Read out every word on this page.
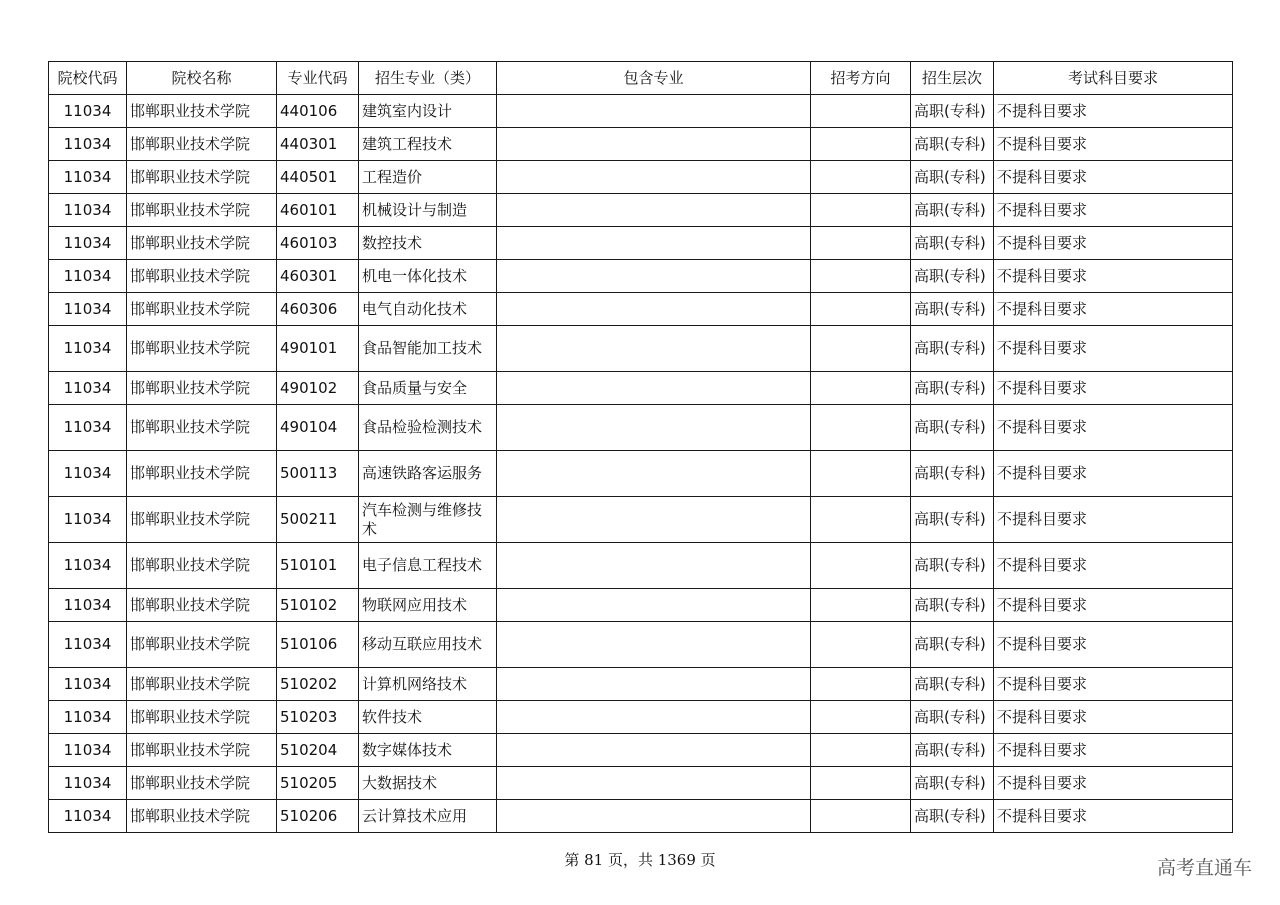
院校代码	院校名称	专业代码	招生专业（类）	包含专业	招考方向	招生层次	考试科目要求
11034	邯郸职业技术学院	440106	建筑室内设计			高职(专科)	不提科目要求
11034	邯郸职业技术学院	440301	建筑工程技术			高职(专科)	不提科目要求
11034	邯郸职业技术学院	440501	工程造价			高职(专科)	不提科目要求
11034	邯郸职业技术学院	460101	机械设计与制造			高职(专科)	不提科目要求
11034	邯郸职业技术学院	460103	数控技术			高职(专科)	不提科目要求
11034	邯郸职业技术学院	460301	机电一体化技术			高职(专科)	不提科目要求
11034	邯郸职业技术学院	460306	电气自动化技术			高职(专科)	不提科目要求
11034	邯郸职业技术学院	490101	食品智能加工技术			高职(专科)	不提科目要求
11034	邯郸职业技术学院	490102	食品质量与安全			高职(专科)	不提科目要求
11034	邯郸职业技术学院	490104	食品检验检测技术			高职(专科)	不提科目要求
11034	邯郸职业技术学院	500113	高速铁路客运服务			高职(专科)	不提科目要求
11034	邯郸职业技术学院	500211	汽车检测与维修技术			高职(专科)	不提科目要求
11034	邯郸职业技术学院	510101	电子信息工程技术			高职(专科)	不提科目要求
11034	邯郸职业技术学院	510102	物联网应用技术			高职(专科)	不提科目要求
11034	邯郸职业技术学院	510106	移动互联应用技术			高职(专科)	不提科目要求
11034	邯郸职业技术学院	510202	计算机网络技术			高职(专科)	不提科目要求
11034	邯郸职业技术学院	510203	软件技术			高职(专科)	不提科目要求
11034	邯郸职业技术学院	510204	数字媒体技术			高职(专科)	不提科目要求
11034	邯郸职业技术学院	510205	大数据技术			高职(专科)	不提科目要求
11034	邯郸职业技术学院	510206	云计算技术应用			高职(专科)	不提科目要求
第 81 页，共 1369 页	高考直通车
